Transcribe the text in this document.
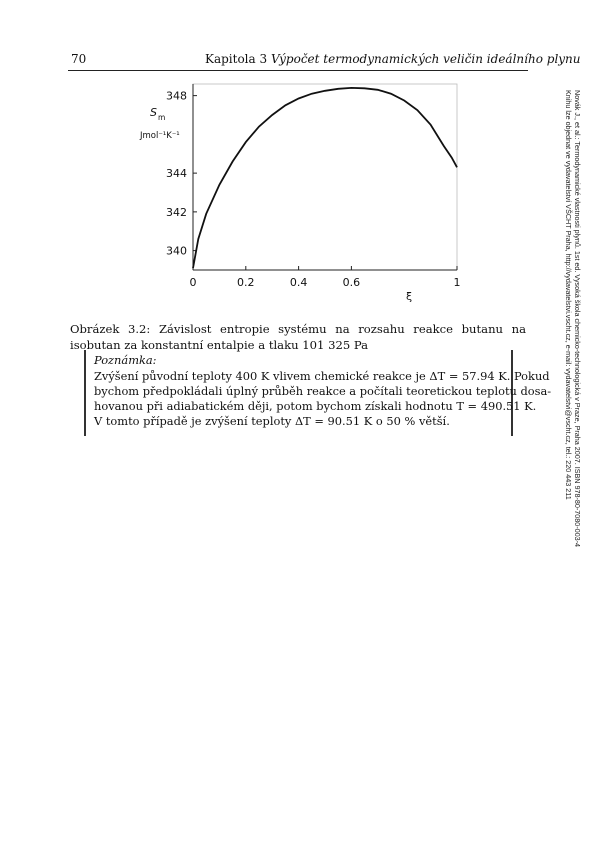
70	Kapitola 3 Výpočet termodynamických veličin ideálního plynu
S m
Jmol⁻¹K⁻¹
340
342
344
348
0	0.2	0.4	0.6	1
ξ
Obrázek 3.2: Závislost entropie systému na rozsahu reakce butanu na isobutan za konstantní entalpie a tlaku 101 325 Pa
Poznámka:
Zvýšení původní teploty 400 K vlivem chemické reakce je ΔT = 57.94 K. Pokud
bychom předpokládali úplný průběh reakce a počítali teoretickou teplotu dosa-
hovanou při adiabatickém ději, potom bychom získali hodnotu T = 490.51 K.
V tomto případě je zvýšení teploty ΔT = 90.51 K o 50 % větší.	Novák J., et al.: Termodynamické vlastnosti plynů. 1st ed. Vysoká škola chemicko-technologická v Praze, Praha 2007. ISBN 978-80-7080-003-4
Knihu lze objednat ve vydavatelství VŠCHT Praha, http://vydavatelstvi.vscht.cz, e-mail: vydavatelstvi@vscht.cz, tel.: 220 443 211
